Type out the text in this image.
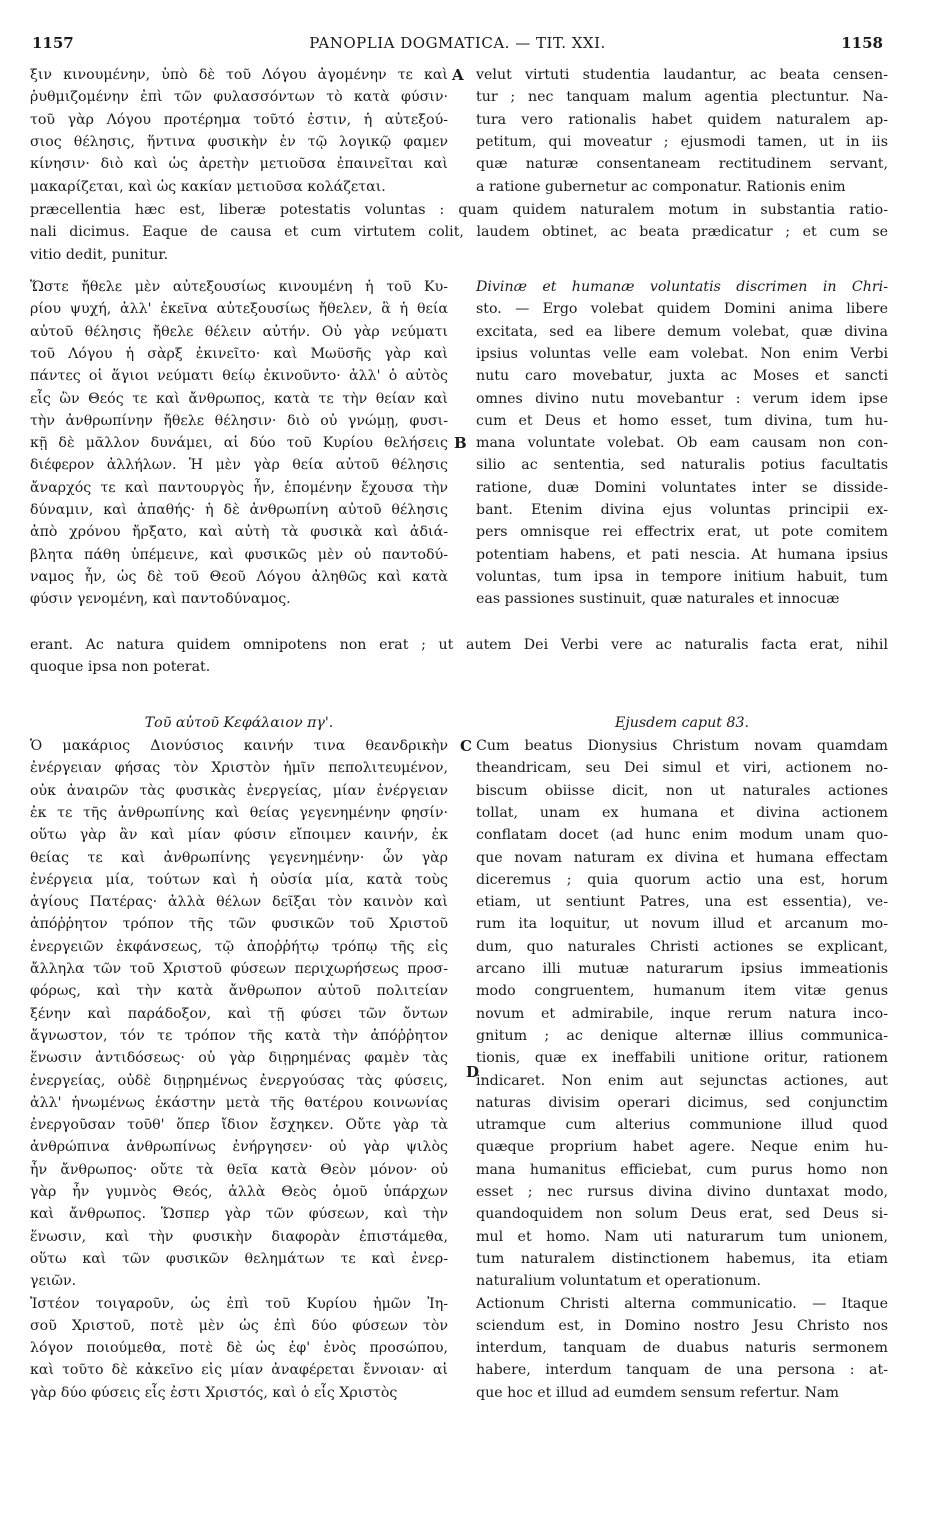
1157	PANOPLIA DOGMATICA. — TIT. XXI.	1158
ξιν κινουμένην, ὑπὸ δὲ τοῦ Λόγου ἀγομένην τε καὶ
ῥυθμιζομένην ἐπὶ τῶν φυλασσόντων τὸ κατὰ φύσιν·
τοῦ γὰρ Λόγου προτέρημα τοῦτό ἐστιν, ἡ αὐτεξού-
σιος θέλησις, ἥντινα φυσικὴν ἐν τῷ λογικῷ φαμεν
κίνησιν· διὸ καὶ ὡς ἀρετὴν μετιοῦσα ἐπαινεῖται καὶ
μακαρίζεται, καὶ ὡς κακίαν μετιοῦσα κολάζεται.
velut virtuti studentia laudantur, ac beata censen-
tur ; nec tanquam malum agentia plectuntur. Na-
tura vero rationalis habet quidem naturalem ap-
petitum, qui moveatur ; ejusmodi tamen, ut in iis
quæ naturæ consentaneam rectitudinem servant,
a ratione gubernetur ac componatur. Rationis enim
præcellentia hæc est, liberæ potestatis voluntas : quam quidem naturalem motum in substantia ratio-
nali dicimus. Eaque de causa et cum virtutem colit, laudem obtinet, ac beata prædicatur ; et cum se
vitio dedit, punitur.
A
Ὥστε ἤθελε μὲν αὐτεξουσίως κινουμένη ἡ τοῦ Κυ-
ρίου ψυχή, ἀλλ' ἐκεῖνα αὐτεξουσίως ἤθελεν, ἃ ἡ θεία
αὐτοῦ θέλησις ἤθελε θέλειν αὐτήν. Οὐ γὰρ νεύματι
τοῦ Λόγου ἡ σὰρξ ἐκινεῖτο· καὶ Μωϋσῆς γὰρ καὶ
πάντες οἱ ἅγιοι νεύματι θείῳ ἐκινοῦντο· ἀλλ' ὁ αὐτὸς
εἷς ὢν Θεός τε καὶ ἄνθρωπος, κατὰ τε τὴν θείαν καὶ
τὴν ἀνθρωπίνην ἤθελε θέλησιν· διὸ οὐ γνώμῃ, φυσι-
κῇ δὲ μᾶλλον δυνάμει, αἱ δύο τοῦ Κυρίου θελήσεις
διέφερον ἀλλήλων. Ἡ μὲν γὰρ θεία αὐτοῦ θέλησις
ἄναρχός τε καὶ παντουργὸς ἦν, ἑπομένην ἔχουσα τὴν
δύναμιν, καὶ ἀπαθής· ἡ δὲ ἀνθρωπίνη αὐτοῦ θέλησις
ἀπὸ χρόνου ἤρξατο, καὶ αὐτὴ τὰ φυσικὰ καὶ ἀδιά-
βλητα πάθη ὑπέμεινε, καὶ φυσικῶς μὲν οὐ παντοδύ-
ναμος ἦν, ὡς δὲ τοῦ Θεοῦ Λόγου ἀληθῶς καὶ κατὰ
φύσιν γενομένη, καὶ παντοδύναμος.
Divinæ et humanæ voluntatis discrimen in Chri-
sto. — Ergo volebat quidem Domini anima libere
excitata, sed ea libere demum volebat, quæ divina
ipsius voluntas velle eam volebat. Non enim Verbi
nutu caro movebatur, juxta ac Moses et sancti
omnes divino nutu movebantur : verum idem ipse
cum et Deus et homo esset, tum divina, tum hu-
mana voluntate volebat. Ob eam causam non con-
silio ac sententia, sed naturalis potius facultatis
ratione, duæ Domini voluntates inter se disside-
bant. Etenim divina ejus voluntas principii ex-
pers omnisque rei effectrix erat, ut pote comitem
potentiam habens, et pati nescia. At humana ipsius
voluntas, tum ipsa in tempore initium habuit, tum
eas passiones sustinuit, quæ naturales et innocuæ
erant. Ac natura quidem omnipotens non erat ; ut autem Dei Verbi vere ac naturalis facta erat, nihil
quoque ipsa non poterat.
B
Τοῦ αὐτοῦ Κεφάλαιον πγ'.	Ejusdem caput 83.
Ὁ μακάριος Διονύσιος καινήν τινα θεανδρικὴν
ἐνέργειαν φήσας τὸν Χριστὸν ἡμῖν πεπολιτευμένον,
οὐκ ἀναιρῶν τὰς φυσικὰς ἐνεργείας, μίαν ἐνέργειαν
ἐκ τε τῆς ἀνθρωπίνης καὶ θείας γεγενημένην φησίν·
οὕτω γὰρ ἂν καὶ μίαν φύσιν εἴποιμεν καινήν, ἐκ
θείας τε καὶ ἀνθρωπίνης γεγενημένην· ὧν γὰρ
ἐνέργεια μία, τούτων καὶ ἡ οὐσία μία, κατὰ τοὺς
ἁγίους Πατέρας· ἀλλὰ θέλων δεῖξαι τὸν καινὸν καὶ
ἀπόῤῥητον τρόπον τῆς τῶν φυσικῶν τοῦ Χριστοῦ
ἐνεργειῶν ἐκφάνσεως, τῷ ἀποῤῥήτῳ τρόπῳ τῆς εἰς
ἄλληλα τῶν τοῦ Χριστοῦ φύσεων περιχωρήσεως προσ-
φόρως, καὶ τὴν κατὰ ἄνθρωπον αὐτοῦ πολιτείαν
ξένην καὶ παράδοξον, καὶ τῇ φύσει τῶν ὄντων
ἄγνωστον, τόν τε τρόπον τῆς κατὰ τὴν ἀπόῤῥητον
ἕνωσιν ἀντιδόσεως· οὐ γὰρ διῃρημένας φαμὲν τὰς
ἐνεργείας, οὐδὲ διῃρημένως ἐνεργούσας τὰς φύσεις,
ἀλλ' ἡνωμένως ἑκάστην μετὰ τῆς θατέρου κοινωνίας
ἐνεργοῦσαν τοῦθ' ὅπερ ἴδιον ἔσχηκεν. Οὔτε γὰρ τὰ
ἀνθρώπινα ἀνθρωπίνως ἐνήργησεν· οὐ γὰρ ψιλὸς
ἦν ἄνθρωπος· οὔτε τὰ θεῖα κατὰ Θεὸν μόνον· οὐ
γὰρ ἦν γυμνὸς Θεός, ἀλλὰ Θεὸς ὁμοῦ ὑπάρχων
καὶ ἄνθρωπος. Ὥσπερ γὰρ τῶν φύσεων, καὶ τὴν
ἕνωσιν, καὶ τὴν φυσικὴν διαφορὰν ἐπιστάμεθα,
οὕτω καὶ τῶν φυσικῶν θελημάτων τε καὶ ἐνερ-
γειῶν.
Ἰστέον τοιγαροῦν, ὡς ἐπὶ τοῦ Κυρίου ἡμῶν Ἰη-
σοῦ Χριστοῦ, ποτὲ μὲν ὡς ἐπὶ δύο φύσεων τὸν
λόγον ποιούμεθα, ποτὲ δὲ ὡς ἐφ' ἑνὸς προσώπου,
καὶ τοῦτο δὲ κἀκεῖνο εἰς μίαν ἀναφέρεται ἔννοιαν· αἱ
γὰρ δύο φύσεις εἷς ἐστι Χριστός, καὶ ὁ εἷς Χριστὸς
Cum beatus Dionysius Christum novam quamdam
theandricam, seu Dei simul et viri, actionem no-
biscum obiisse dicit, non ut naturales actiones
tollat, unam ex humana et divina actionem
conflatam docet (ad hunc enim modum unam quo-
que novam naturam ex divina et humana effectam
diceremus ; quia quorum actio una est, horum
etiam, ut sentiunt Patres, una est essentia), ve-
rum ita loquitur, ut novum illud et arcanum mo-
dum, quo naturales Christi actiones se explicant,
arcano illi mutuæ naturarum ipsius immeationis
modo congruentem, humanum item vitæ genus
novum et admirabile, inque rerum natura inco-
gnitum ; ac denique alternæ illius communica-
tionis, quæ ex ineffabili unitione oritur, rationem
indicaret. Non enim aut sejunctas actiones, aut
naturas divisim operari dicimus, sed conjunctim
utramque cum alterius communione illud quod
quæque proprium habet agere. Neque enim hu-
mana humanitus efficiebat, cum purus homo non
esset ; nec rursus divina divino duntaxat modo,
quandoquidem non solum Deus erat, sed Deus si-
mul et homo. Nam uti naturarum tum unionem,
tum naturalem distinctionem habemus, ita etiam
naturalium voluntatum et operationum.
Actionum Christi alterna communicatio. — Itaque
sciendum est, in Domino nostro Jesu Christo nos
interdum, tanquam de duabus naturis sermonem
habere, interdum tanquam de una persona : at-
que hoc et illud ad eumdem sensum refertur. Nam
C
D
